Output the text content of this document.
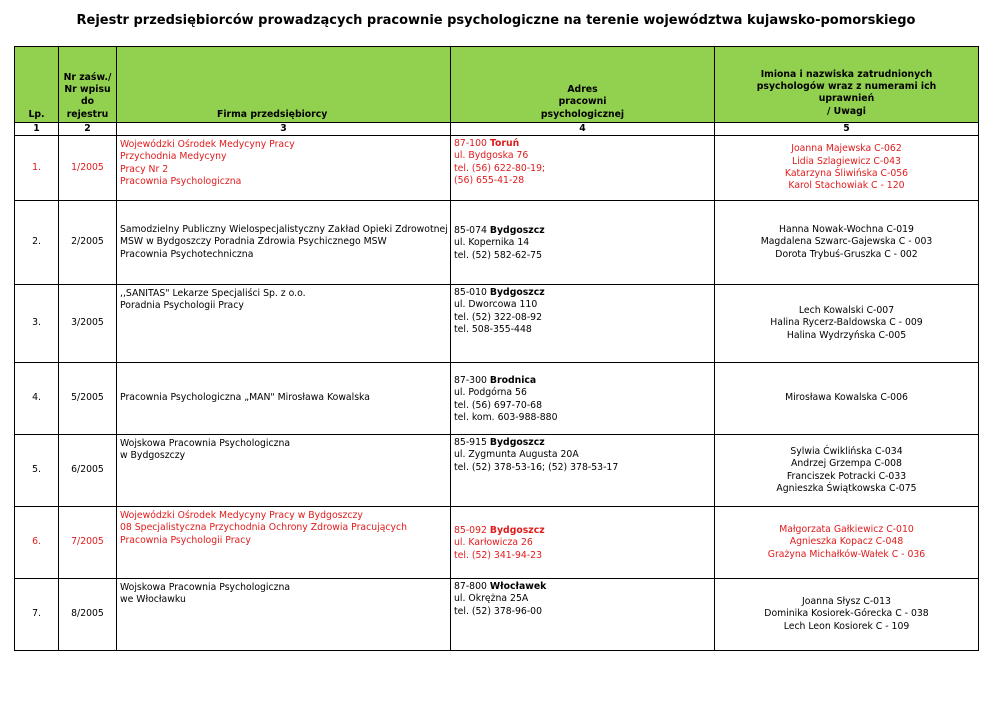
Rejestr przedsiębiorców prowadzących pracownie psychologiczne na terenie województwa kujawsko-pomorskiego
Lp.	Nr zaśw./
Nr wpisu
do
rejestru	Firma przedsiębiorcy	Adres
pracowni
psychologicznej	Imiona i nazwiska zatrudnionych
psychologów wraz z numerami ich
uprawnień
/ Uwagi

1	2	3	4	5
1.	1/2005	Wojewódzki Ośrodek Medycyny Pracy
Przychodnia Medycyny
Pracy Nr 2
Pracownia Psychologiczna	87-100 Toruń
ul. Bydgoska 76
tel. (56) 622-80-19;
(56) 655-41-28	Joanna Majewska C-062
Lidia Szlagiewicz C-043
Katarzyna Śliwińska C-056
Karol Stachowiak C - 120

2.	2/2005	Samodzielny Publiczny Wielospecjalistyczny Zakład Opieki Zdrowotnej
MSW w Bydgoszczy Poradnia Zdrowia Psychicznego MSW
Pracownia Psychotechniczna	85-074 Bydgoszcz
ul. Kopernika 14
tel. (52) 582-62-75	Hanna Nowak-Wochna C-019
Magdalena Szwarc-Gajewska C - 003
Dorota Trybuś-Gruszka C - 002

3.	3/2005	,,SANITAS" Lekarze Specjaliści Sp. z o.o.
Poradnia Psychologii Pracy	85-010 Bydgoszcz
ul. Dworcowa 110
tel. (52) 322-08-92
tel. 508-355-448	Lech Kowalski C-007
Halina Rycerz-Baldowska C - 009
Halina Wydrzyńska C-005

4.	5/2005	Pracownia Psychologiczna „MAN" Mirosława Kowalska	87-300 Brodnica
ul. Podgórna 56
tel. (56) 697-70-68
tel. kom. 603-988-880	Mirosława Kowalska C-006

5.	6/2005	Wojskowa Pracownia Psychologiczna
w Bydgoszczy	85-915 Bydgoszcz
ul. Zygmunta Augusta 20A
tel. (52) 378-53-16; (52) 378-53-17	Sylwia Ćwiklińska C-034
Andrzej Grzempa C-008
Franciszek Potracki C-033
Agnieszka Świątkowska C-075

6.	7/2005	Wojewódzki Ośrodek Medycyny Pracy w Bydgoszczy
08 Specjalistyczna Przychodnia Ochrony Zdrowia Pracujących
Pracownia Psychologii Pracy	85-092 Bydgoszcz
ul. Karłowicza 26
tel. (52) 341-94-23	Małgorzata Gałkiewicz C-010
Agnieszka Kopacz C-048
Grażyna Michałków-Wałek C - 036

7.	8/2005	Wojskowa Pracownia Psychologiczna
we Włocławku	87-800 Włocławek
ul. Okrężna 25A
tel. (52) 378-96-00	Joanna Słysz C-013
Dominika Kosiorek-Górecka C - 038
Lech Leon Kosiorek C - 109
